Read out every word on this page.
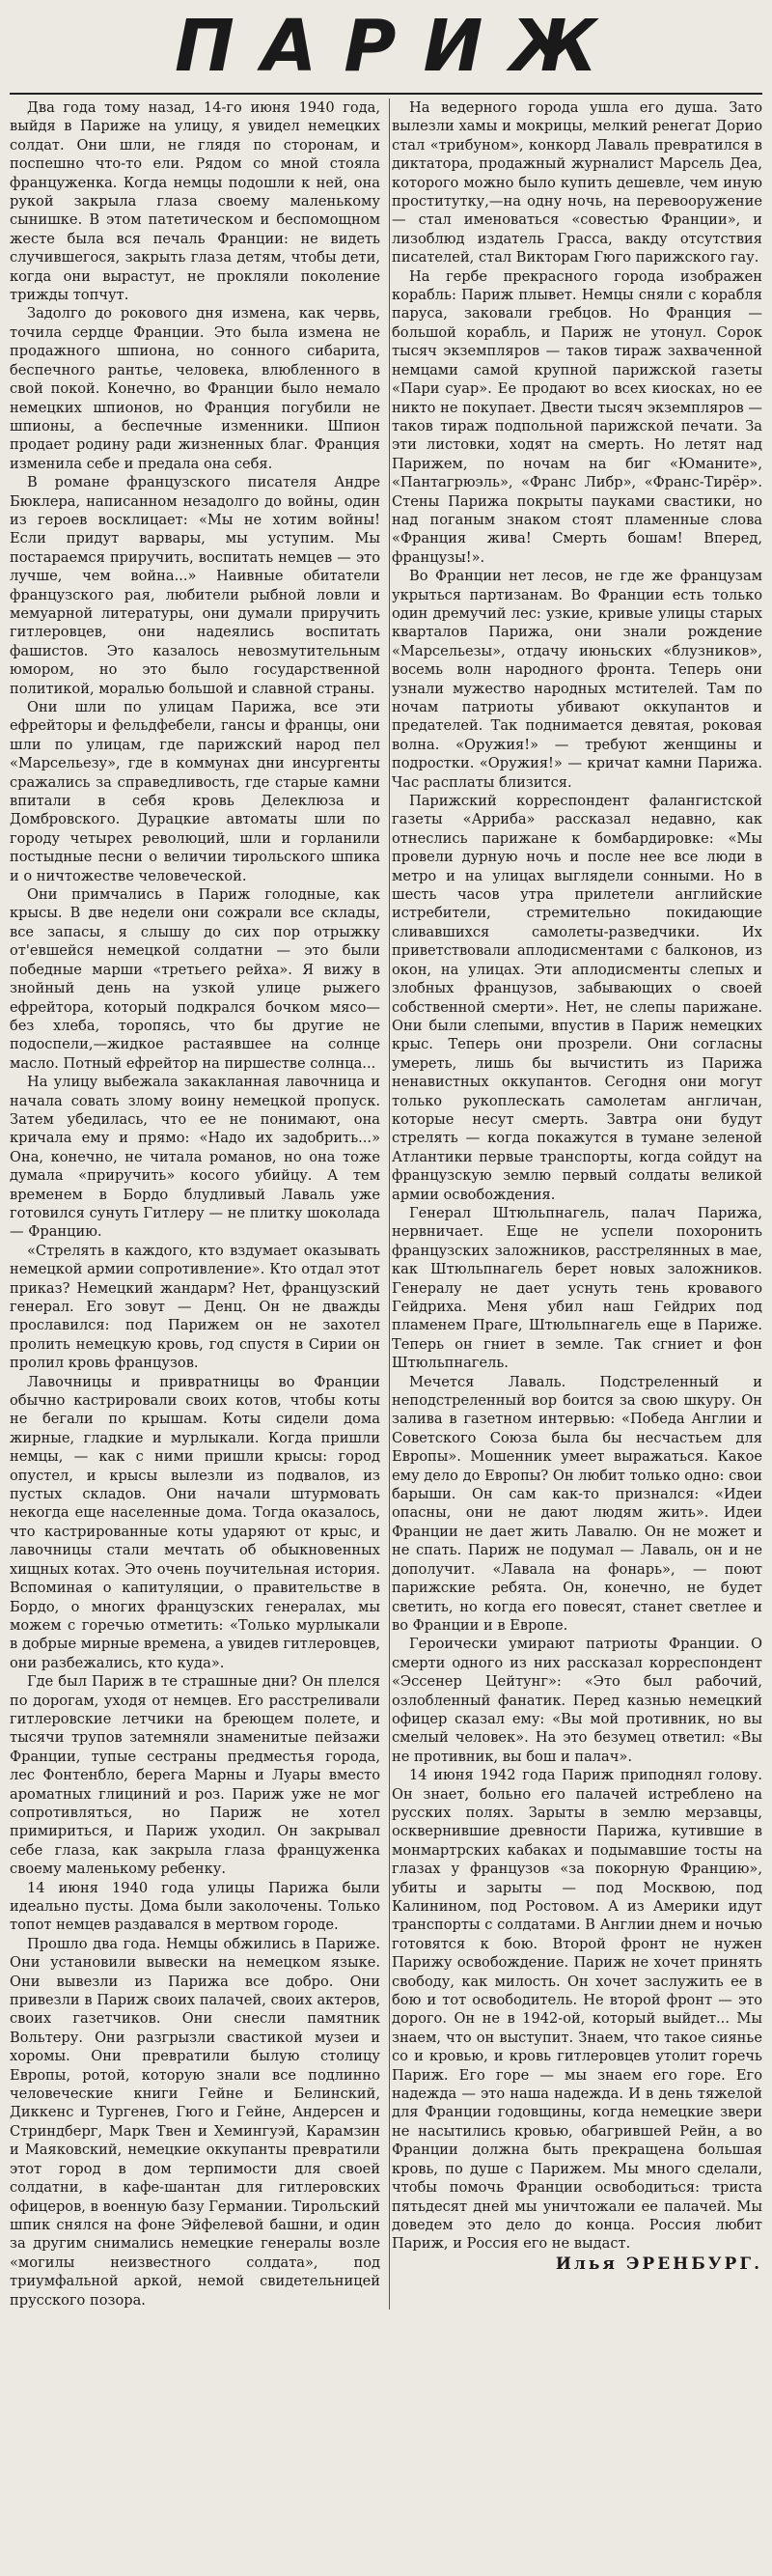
ПАРИЖ

Два года тому назад, 14-го июня 1940 года, выйдя в Париже на улицу, я увидел немецких солдат. Они шли, не глядя по сторонам, и поспешно что-то ели. Рядом со мной стояла француженка. Когда немцы подошли к ней, она рукой закрыла глаза своему маленькому сынишке. В этом патетическом и беспомощном жесте была вся печаль Франции: не видеть случившегося, закрыть глаза детям, чтобы дети, когда они вырастут, не прокляли поколение трижды топчут.

Задолго до рокового дня измена, как червь, точила сердце Франции. Это была измена не продажного шпиона, но сонного сибарита, беспечного рантье, человека, влюбленного в свой покой. Конечно, во Франции было немало немецких шпионов, но Франция погубили не шпионы, а беспечные изменники. Шпион продает родину ради жизненных благ. Франция изменила себе и предала она себя.

В романе французского писателя Андре Бюклера, написанном незадолго до войны, один из героев восклицает: «Мы не хотим войны! Если придут варвары, мы уступим. Мы постараемся приручить, воспитать немцев — это лучше, чем война...» Наивные обитатели французского рая, любители рыбной ловли и мемуарной литературы, они думали приручить гитлеровцев, они надеялись воспитать фашистов. Это казалось невозмутительным юмором, но это было государственной политикой, моралью большой и славной страны.

Они шли по улицам Парижа, все эти ефрейторы и фельдфебели, гансы и францы, они шли по улицам, где парижский народ пел «Марсельезу», где в коммунах дни инсургенты сражались за справедливость, где старые камни впитали в себя кровь Делеклюза и Домбровского. Дурацкие автоматы шли по городу четырех революций, шли и горланили постыдные песни о величии тирольского шпика и о ничтожестве человеческой.

Они примчались в Париж голодные, как крысы. В две недели они сожрали все склады, все запасы, я слышу до сих пор отрыжку от'евшейся немецкой солдатни — это были победные марши «третьего рейха». Я вижу в знойный день на узкой улице рыжего ефрейтора, который подкрался бочком мясо—без хлеба, торопясь, что бы другие не подоспели,—жидкое растаявшее на солнце масло. Потный ефрейтор на пиршестве солнца...

На улицу выбежала закакланная лавочница и начала совать злому воину немецкой пропуск. Затем убедилась, что ее не понимают, она кричала ему и прямо: «Надо их задобрить...» Она, конечно, не читала романов, но она тоже думала «приручить» косого убийцу. А тем временем в Бордо блудливый Лаваль уже готовился сунуть Гитлеру — не плитку шоколада — Францию.

«Стрелять в каждого, кто вздумает оказывать немецкой армии сопротивление». Кто отдал этот приказ? Немецкий жандарм? Нет, французский генерал. Его зовут — Денц. Он не дважды прославился: под Парижем он не захотел пролить немецкую кровь, год спустя в Сирии он пролил кровь французов.

Лавочницы и привратницы во Франции обычно кастрировали своих котов, чтобы коты не бегали по крышам. Коты сидели дома жирные, гладкие и мурлыкали. Когда пришли немцы, — как с ними пришли крысы: город опустел, и крысы вылезли из подвалов, из пустых складов. Они начали штурмовать некогда еще населенные дома. Тогда оказалось, что кастрированные коты ударяют от крыс, и лавочницы стали мечтать об обыкновенных хищных котах. Это очень поучительная история. Вспоминая о капитуляции, о правительстве в Бордо, о многих французских генералах, мы можем с горечью отметить: «Только мурлыкали в добрые мирные времена, а увидев гитлеровцев, они разбежались, кто куда».

Где был Париж в те страшные дни? Он плелся по дорогам, уходя от немцев. Его расстреливали гитлеровские летчики на бреющем полете, и тысячи трупов затемняли знаменитые пейзажи Франции, тупые сестраны предместья города, лес Фонтенбло, берега Марны и Луары вместо ароматных глициний и роз. Париж уже не мог сопротивляться, но Париж не хотел примириться, и Париж уходил. Он закрывал себе глаза, как закрыла глаза француженка своему маленькому ребенку.

14 июня 1940 года улицы Парижа были идеально пусты. Дома были заколочены. Только топот немцев раздавался в мертвом городе.

Прошло два года. Немцы обжились в Париже. Они установили вывески на немецком языке. Они вывезли из Парижа все добро. Они привезли в Париж своих палачей, своих актеров, своих газетчиков. Они снесли памятник Вольтеру. Они разгрызли свастикой музеи и хоромы. Они превратили былую столицу Европы, ротой, которую знали все подлинно человеческие книги Гейне и Белинский, Диккенс и Тургенев, Гюго и Гейне, Андерсен и Стриндберг, Марк Твен и Хемингуэй, Карамзин и Маяковский, немецкие оккупанты превратили этот город в дом терпимости для своей солдатни, в кафе-шантан для гитлеровских офицеров, в военную базу Германии. Тирольский шпик снялся на фоне Эйфелевой башни, и один за другим снимались немецкие генералы возле «могилы неизвестного солдата», под триумфальной аркой, немой свидетельницей прусского позора.

На ведерного города ушла его душа. Зато вылезли хамы и мокрицы, мелкий ренегат Дорио стал «трибуном», конкорд Лаваль превратился в диктатора, продажный журналист Марсель Деа, которого можно было купить дешевле, чем иную проститутку,—на одну ночь, на перевооружение — стал именоваться «совестью Франции», и лизоблюд издатель Грасса, вакду отсутствия писателей, стал Викторам Гюго парижского гау.

На гербе прекрасного города изображен корабль: Париж плывет. Немцы сняли с корабля паруса, заковали гребцов. Но Франция — большой корабль, и Париж не утонул. Сорок тысяч экземпляров — таков тираж захваченной немцами самой крупной парижской газеты «Пари суар». Ее продают во всех киосках, но ее никто не покупает. Двести тысяч экземпляров — таков тираж подпольной парижской печати. За эти листовки, ходят на смерть. Но летят над Парижем, по ночам на биг «Юманите», «Пантагрюэль», «Франс Либр», «Франс-Тирёр». Стены Парижа покрыты пауками свастики, но над поганым знаком стоят пламенные слова «Франция жива! Смерть бошам! Вперед, французы!».

Во Франции нет лесов, не где же французам укрыться партизанам. Во Франции есть только один дремучий лес: узкие, кривые улицы старых кварталов Парижа, они знали рождение «Марсельезы», отдачу июньских «блузников», восемь волн народного фронта. Теперь они узнали мужество народных мстителей. Там по ночам патриоты убивают оккупантов и предателей. Так поднимается девятая, роковая волна. «Оружия!» — требуют женщины и подростки. «Оружия!» — кричат камни Парижа. Час расплаты близится.

Парижский корреспондент фалангистской газеты «Арриба» рассказал недавно, как отнеслись парижане к бомбардировке: «Мы провели дурную ночь и после нее все люди в метро и на улицах выглядели сонными. Но в шесть часов утра прилетели английские истребители, стремительно покидающие сливавшихся самолеты-разведчики. Их приветствовали аплодисментами с балконов, из окон, на улицах. Эти аплодисменты слепых и злобных французов, забывающих о своей собственной смерти». Нет, не слепы парижане. Они были слепыми, впустив в Париж немецких крыс. Теперь они прозрели. Они согласны умереть, лишь бы вычистить из Парижа ненавистных оккупантов. Сегодня они могут только рукоплескать самолетам англичан, которые несут смерть. Завтра они будут стрелять — когда покажутся в тумане зеленой Атлантики первые транспорты, когда сойдут на французскую землю первый солдаты великой армии освобождения.

Генерал Штюльпнагель, палач Парижа, нервничает. Еще не успели похоронить французских заложников, расстрелянных в мае, как Штюльпнагель берет новых заложников. Генералу не дает уснуть тень кровавого Гейдриха. Меня убил наш Гейдрих под пламенем Праге, Штюльпнагель еще в Париже. Теперь он гниет в земле. Так сгниет и фон Штюльпнагель.

Мечется Лаваль. Подстреленный и неподстреленный вор боится за свою шкуру. Он залива в газетном интервью: «Победа Англии и Советского Союза была бы несчастьем для Европы». Мошенник умеет выражаться. Какое ему дело до Европы? Он любит только одно: свои барыши. Он сам как-то признался: «Идеи опасны, они не дают людям жить». Идеи Франции не дает жить Лавалю. Он не может и не спать. Париж не подумал — Лаваль, он и не дополучит. «Лавала на фонарь», — поют парижские ребята. Он, конечно, не будет светить, но когда его повесят, станет светлее и во Франции и в Европе.

Героически умирают патриоты Франции. О смерти одного из них рассказал корреспондент «Эссенер Цейтунг»: «Это был рабочий, озлобленный фанатик. Перед казнью немецкий офицер сказал ему: «Вы мой противник, но вы смелый человек». На это безумец ответил: «Вы не противник, вы бош и палач».

14 июня 1942 года Париж приподнял голову. Он знает, больно его палачей истреблено на русских полях. Зарыты в землю мерзавцы, осквернившие древности Парижа, кутившие в монмартрских кабаках и подымавшие тосты на глазах у французов «за покорную Францию», убиты и зарыты — под Москвою, под Калинином, под Ростовом. А из Америки идут транспорты с солдатами. В Англии днем и ночью готовятся к бою. Второй фронт не нужен Парижу освобождение. Париж не хочет принять свободу, как милость. Он хочет заслужить ее в бою и тот освободитель. Не второй фронт — это дорого. Он не в 1942-ой, который выйдет... Мы знаем, что он выступит. Знаем, что такое сиянье со и кровью, и кровь гитлеровцев утолит горечь Париж. Его горе — мы знаем его горе. Его надежда — это наша надежда. И в день тяжелой для Франции годовщины, когда немецкие звери не насытились кровью, обагрившей Рейн, а во Франции должна быть прекращена большая кровь, по душе с Парижем. Мы много сделали, чтобы помочь Франции освободиться: триста пятьдесят дней мы уничтожали ее палачей. Мы доведем это дело до конца. Россия любит Париж, и Россия его не выдаст.

Илья ЭРЕНБУРГ.
